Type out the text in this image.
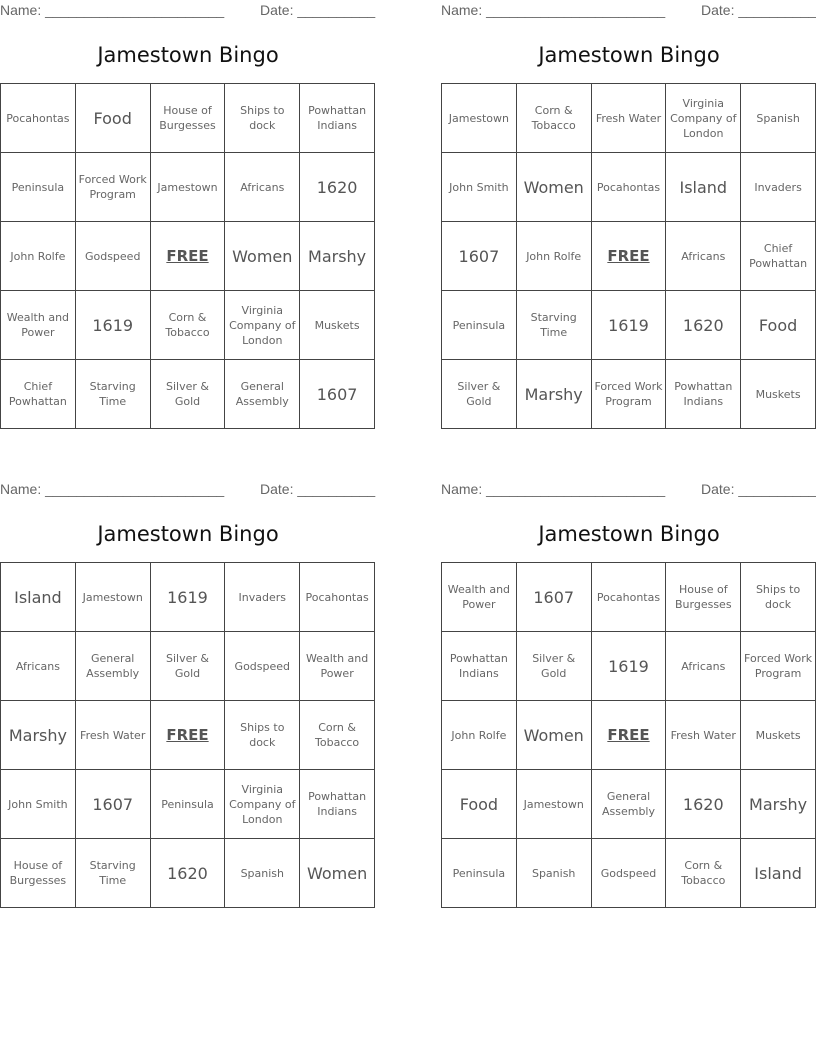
Name: _______________________	Date: __________
Jamestown Bingo
Pocahontas	Food	House of Burgesses	Ships to dock	Powhattan Indians
Peninsula	Forced Work Program	Jamestown	Africans	1620
John Rolfe	Godspeed	FREE	Women	Marshy
Wealth and Power	1619	Corn & Tobacco	Virginia Company of London	Muskets
Chief Powhattan	Starving Time	Silver & Gold	General Assembly	1607
Name: _______________________	Date: __________
Jamestown Bingo
Jamestown	Corn & Tobacco	Fresh Water	Virginia Company of London	Spanish
John Smith	Women	Pocahontas	Island	Invaders
1607	John Rolfe	FREE	Africans	Chief Powhattan
Peninsula	Starving Time	1619	1620	Food
Silver & Gold	Marshy	Forced Work Program	Powhattan Indians	Muskets
Name: _______________________	Date: __________
Jamestown Bingo
Island	Jamestown	1619	Invaders	Pocahontas
Africans	General Assembly	Silver & Gold	Godspeed	Wealth and Power
Marshy	Fresh Water	FREE	Ships to dock	Corn & Tobacco
John Smith	1607	Peninsula	Virginia Company of London	Powhattan Indians
House of Burgesses	Starving Time	1620	Spanish	Women
Name: _______________________	Date: __________
Jamestown Bingo
Wealth and Power	1607	Pocahontas	House of Burgesses	Ships to dock
Powhattan Indians	Silver & Gold	1619	Africans	Forced Work Program
John Rolfe	Women	FREE	Fresh Water	Muskets
Food	Jamestown	General Assembly	1620	Marshy
Peninsula	Spanish	Godspeed	Corn & Tobacco	Island
